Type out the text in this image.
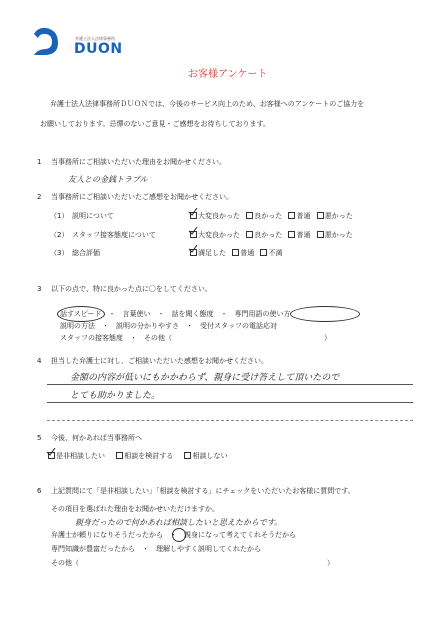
弁護士法人法律事務所
DUON
お客様アンケート
弁護士法人法律事務所ＤＵＯＮでは、今後のサービス向上のため、お客様へのアンケートのご協力を
お願いしております。忌憚のないご意見・ご感想をお待ちしております。
1 当事務所にご相談いただいた理由をお聞かせください。
友人との金銭トラブル
2 当事務所にご相談いただいたご感想をお聞かせください。
（1）　説明について	大変良かった 良かった 普通 悪かった
（2）　スタッフ接客態度について	大変良かった 良かった 普通 悪かった
（3）　総合評価	満足した 普通 不満
3 以下の点で、特に良かった点に〇をしてください。
話すスピード　・　言葉使い　・　話を聞く態度　・　専門用語の使い方
説明の方法　・　説明の分かりやすさ　・　受付スタッフの電話応対
スタッフの接客態度　・　その他（	）
4 担当した弁護士に対し、ご相談いただいた感想をお聞かせください。
金額の内容が低いにもかかわらず、親身に受け答えして頂いたので
とても助かりました。
5 今後、何かあれば当事務所へ
是非相談したい	相談を検討する	相談しない
6 上記質問にて「是非相談したい」「相談を検討する」にチェックをいただいたお客様に質問です。
その項目を選ばれた理由をお聞かせいただけますか。
親身だったので何かあれば相談したいと思えたからです。
弁護士が頼りになりそうだったから　・　親身になって考えてくれそうだから
専門知識が豊富だったから　・　理解しやすく説明してくれたから
その他（	）
